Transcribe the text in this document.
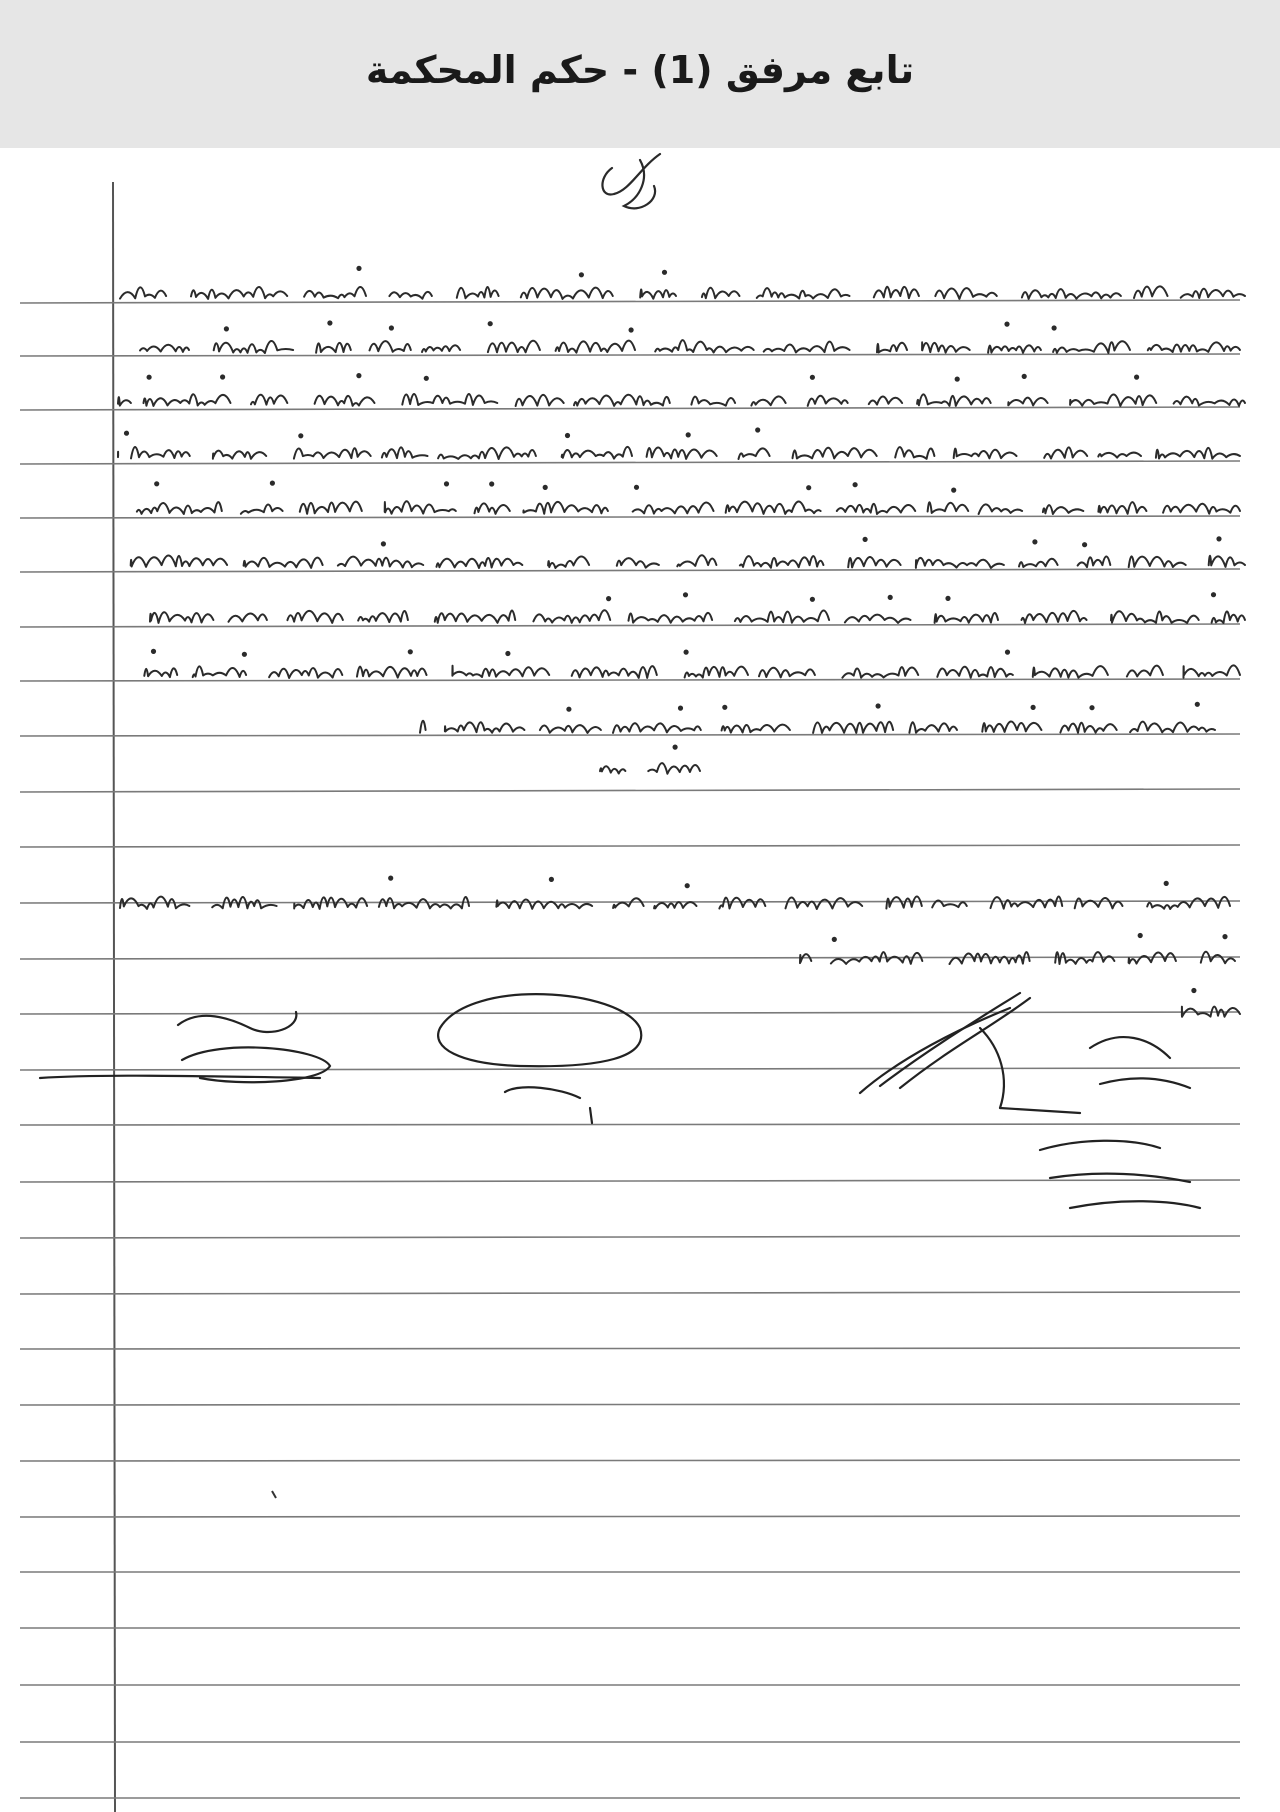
تابع مرفق (1) - حكم المحكمة
